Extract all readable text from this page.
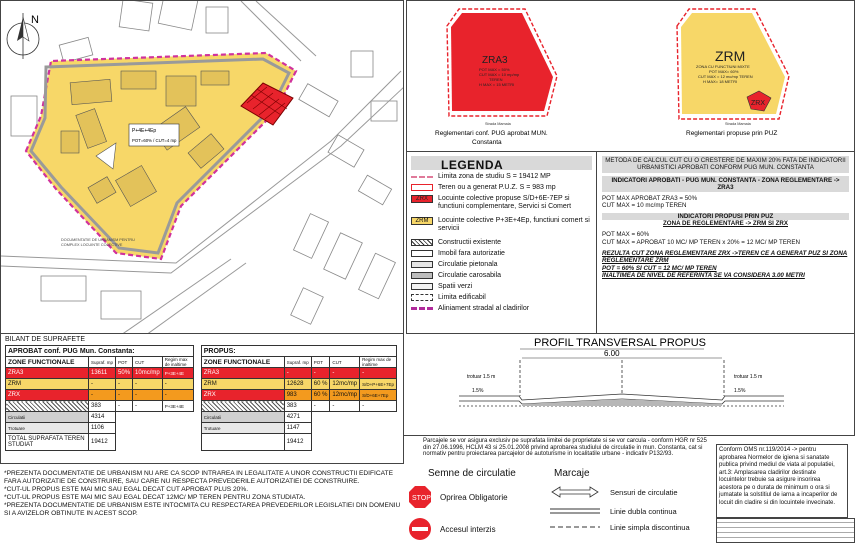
P+4E+4Ep
POT=60% / CUT=4 mp
DOCUMENTATIE DE URBANISM PENTRU
COMPLEX LOCUINTE COLECTIVE
N
ZRA3
POT MAX = 50%
CUT MAX = 10 mp/mp
TEREN
H MAX = 15 METRI
Strada Mamaia
Reglementari conf. PUG aprobat MUN.
Constanta
ZRM
ZONA CU FUNCTIUNI MIXTE
POT MAX= 60%
CUT MAX = 12 mc/mp TEREN
H MAX= 18 METRI
ZRX
Strada Mamaia
Reglementari propuse prin PUZ
LEGENDA
Limita zona de studiu S = 19412 MP
Teren ou a generat P.U.Z. S = 983 mp
ZRX	Locuinte colective propuse S/D+6E-7EP si functiuni complementare, Servici si Comert
ZRM	Locuinte colective P+3E+4Ep, functiuni comert si servicii
Constructii existente
Imobil fara autorizatie
Circulatie pietonala
Circulatie carosabila
Spatii verzi
Limita edificabil
Aliniament stradal al cladirilor
METODA DE CALCUL CUT CU O CRESTERE DE MAXIM 20% FATA DE INDICATORII URBANISTICI APROBATI CONFORM PUG MUN. CONSTANTA
INDICATORI APROBATI - PUG MUN. CONSTANTA - ZONA REGLEMENTARE -> ZRA3
POT MAX APROBAT ZRA3 = 50%
CUT MAX = 10 mc/mp TEREN
INDICATORI PROPUSI PRIN PUZ
ZONA DE REGLEMENTARE -> ZRM SI ZRX
POT MAX = 60%
CUT MAX = APROBAT 10 MC/ MP TEREN x 20% = 12 MC/ MP TEREN
REZULTA CUT ZONA REGLEMENTARE ZRX ->TEREN CE A GENERAT PUZ SI ZONA REGLEMENTARE ZRM
POT = 60% SI CUT = 12 MC/ MP TEREN
INALTIMEA DE NIVEL DE REFERINTA SE VA CONSIDERA 3.00 METRI
BILANT DE SUPRAFETE
APROBAT conf. PUG Mun. Constanta:						PROPUS:				
ZONE FUNCTIONALE	Supraf. mp	POT	CUT	Regim max de inaltime		ZONE FUNCTIONALE	Supraf. mp	POT	CUT	Regim max de inaltime
ZRA3	13611	50%	10mc/mp	P+3E+4E		ZRA3	-	-	-	-
ZRM	-	-	-	-		ZRM	12628	60 %	12mc/mp	S/D+P+6E+7Ep
ZRX	-	-	-	-		ZRX	983	60 %	12mc/mp	S/D+6E+7Ep
	383	-	-	P+3E+4E			383	-	-	-
Circulatii	4314					Circulatii	4271			
Trotuare	1106					Trotuare	1147			
TOTAL SUPRAFATA TEREN STUDIAT	19412						19412			
PROFIL TRANSVERSAL PROPUS
6.00
trotuar 1.5 m	trotuar 1.5 m
1.5%	1.5%
Parcajele se vor asigura exclusiv pe suprafata limitei de proprietate si se vor carcula - conform HGR nr 525 din 27.06.1996, HCLM 43 si 25.01.2008 privind aprobarea studiului de circulatie in mun. Constanta, cat si normativ pentru proiectarea parcajelor de autoturisme in localitatile urbane - indicativ P132/93.
Conform OMS nr.119/2014 -> pentru aprobarea Normelor de igiena si sanatate publica privind mediul de viata al populatiei, art.3: Amplasarea cladirilor destinate locuintelor trebuie sa asigure insorirea acestora pe o durata de minimum o ora si jumatate la solstitiul de iarna a incaperilor de locuit din cladire si din locuintele invecinate.
*PREZENTA DOCUMENTATIE DE URBANISM NU ARE CA SCOP INTRAREA IN LEGALITATE A UNOR CONSTRUCTII EDIFICATE FARA AUTORIZATIE DE CONSTRUIRE, SAU CARE NU RESPECTA PREVEDERILE AUTORIZATIEI DE CONSTRUIRE.
*CUT-UL PROPUS ESTE MAI MIC SAU EGAL DECAT CUT APROBAT PLUS 20%.
*CUT-UL PROPUS ESTE MAI MIC SAU EGAL DECAT 12MC/ MP TEREN PENTRU ZONA STUDIATA.
*PREZENTA DOCUMENTATIE DE URBANISM ESTE INTOCMITA CU RESPECTAREA PREVEDERILOR LEGISLATIEI DIN DOMENIU SI A AVIZELOR OBTINUTE IN ACEST SCOP.
Semne de circulatie
STOP Oprirea Obligatorie
Accesul interzis
Marcaje
Sensuri de circulatie
Linie dubla continua
Linie simpla discontinua
